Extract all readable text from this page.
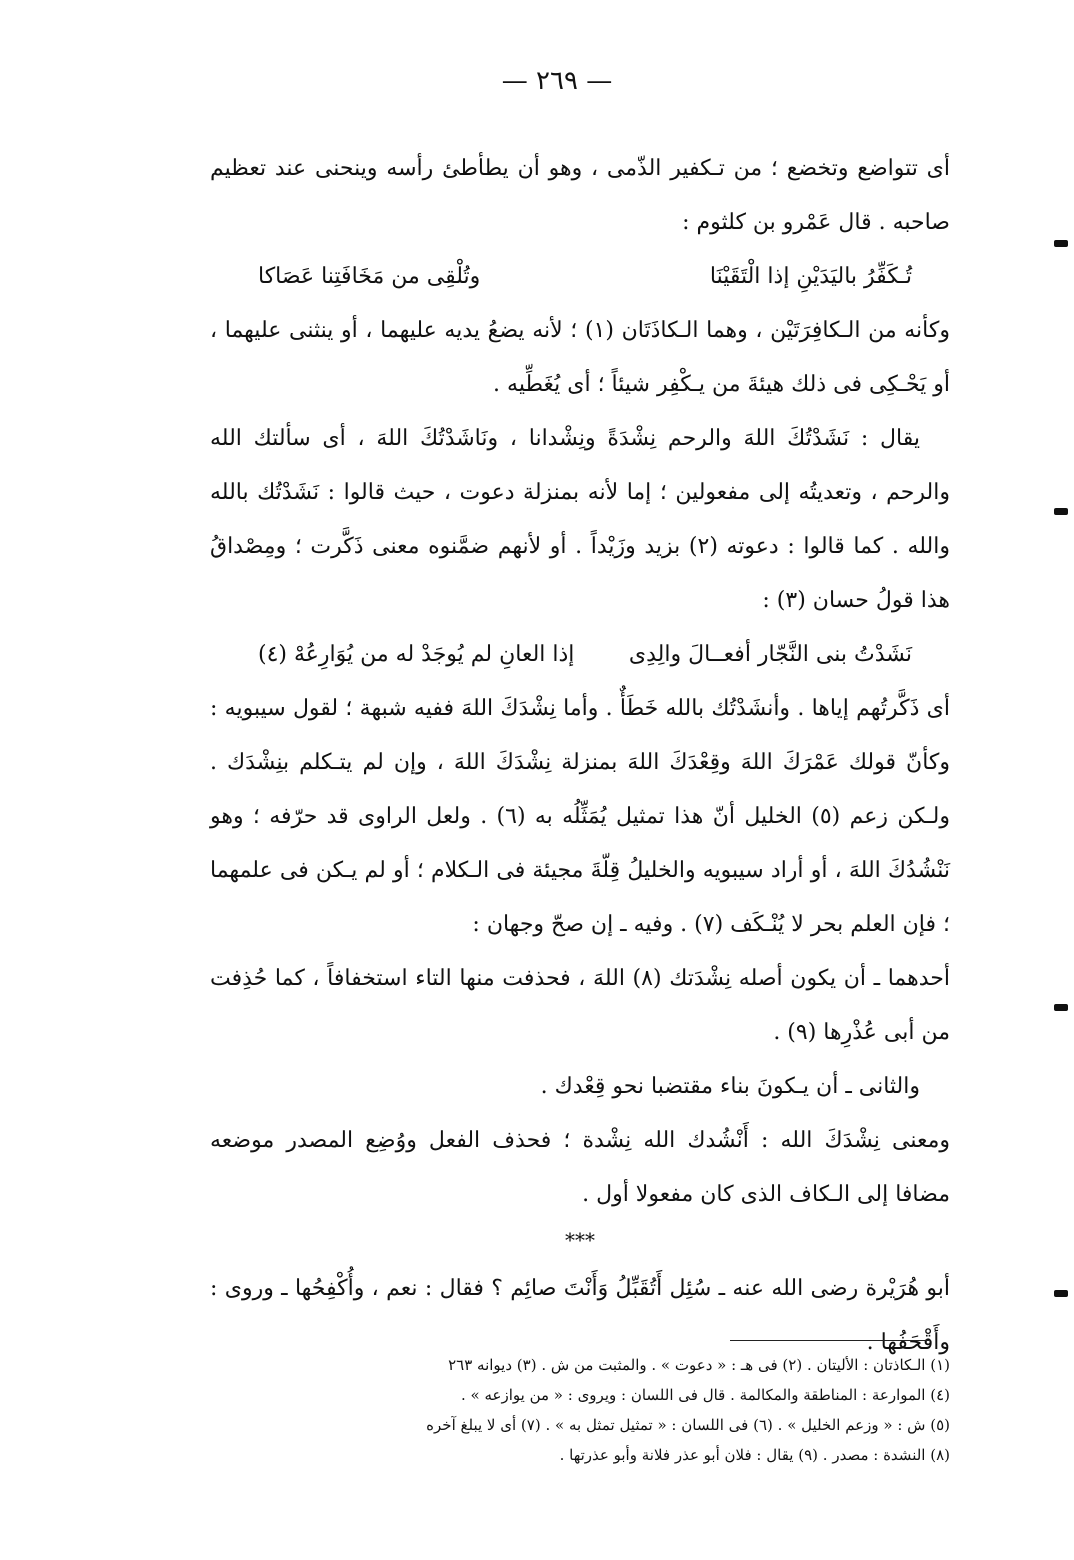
— ٢٦٩ —

أى تتواضع وتخضع ؛ من تـكفير الذّمى ، وهو أن يطأطئ رأسه وينحنى عند تعظيم صاحبه . قال عَمْرو بن كلثوم :

تُـكَفِّرُ باليَدَيْنِ إذا الْتَقَيْنَا
وتُلْقِى من مَخَافَتِنا عَصَاكا

وكأنه من الـكافِرَتَيْن ، وهما الـكاذَتَان (١) ؛ لأنه يضعُ يديه عليهما ، أو ينثنى عليهما ، أو يَحْـكِى فى ذلك هيئةَ من يـكْفِر شيئاً ؛ أى يُغَطِّيه .

يقال : نَشَدْتُكَ اللهَ والرحم نِشْدَةً ونِشْدانا ، ونَاشَدْتُكَ اللهَ ، أى سألتك الله والرحم ، وتعديتُه إلى مفعولين ؛ إما لأنه بمنزلة دعوت ، حيث قالوا : نَشَدْتُك بالله والله . كما قالوا : دعوته (٢) بزيد وزَيْداً . أو لأنهم ضمَّنوه معنى ذَكَّرت ؛ ومِصْداقُ هذا قولُ حسان (٣) :

نَشَدْتُ بنى النَّجّار أفعــالَ والِدِى
إذا العانِ لم يُوجَدْ له من يُوَارِعُهْ (٤)

أى ذَكَّرتُهم إياها . وأنشَدْتُك بالله خَطَأٌ . وأما نِشْدَكَ اللهَ ففيه شبهة ؛ لقول سيبويه : وكأنّ قولك عَمْرَكَ اللهَ وقِعْدَكَ اللهَ بمنزلة نِشْدَكَ اللهَ ، وإن لم يتـكلم بنِشْدَك . ولـكن زعم (٥) الخليل أنّ هذا تمثيل يُمَثِّلُه به (٦) . ولعل الراوى قد حرّفه ؛ وهو نَنْشُدُكَ اللهَ ، أو أراد سيبويه والخليلُ قِلّةَ مجيئة فى الـكلام ؛ أو لم يـكن فى علمهما ؛ فإن العلم بحر لا يُنْـكَف (٧) . وفيه ـ إن صحّ وجهان :

أحدهما ـ أن يكون أصله نِشْدَتك (٨) اللهَ ، فحذفت منها التاء استخفافاً ، كما حُذِفت من أبى عُذْرِها (٩) .

والثانى ـ أن يـكونَ بناء مقتضبا نحو قِعْدك .

ومعنى نِشْدَكَ الله : أَنْشُدك الله نِشْدة ؛ فحذف الفعل ووُضِع المصدر موضعه مضافا إلى الـكاف الذى كان مفعولا أول .

***

أبو هُرَيْرة رضى الله عنه ـ سُئِل أَتُقَبِّلُ وَأَنْتَ صائِم ؟ فقال : نعم ، وأُكْفِحُها ـ وروى : وأَقْحَفُها .

(١) الـكاذتان : الأليتان . (٢) فى هـ : « دعوت » . والمثبت من ش . (٣) ديوانه ٢٦٣

(٤) الموارعة : المناطقة والمكالمة . قال فى اللسان : ويروى : « من يوازعه » .

(٥) ش : « وزعم الخليل » . (٦) فى اللسان : « تمثيل تمثل به » . (٧) أى لا يبلغ آخره

(٨) النشدة : مصدر . (٩) يقال : فلان أبو عذر فلانة وأبو عذرتها .
